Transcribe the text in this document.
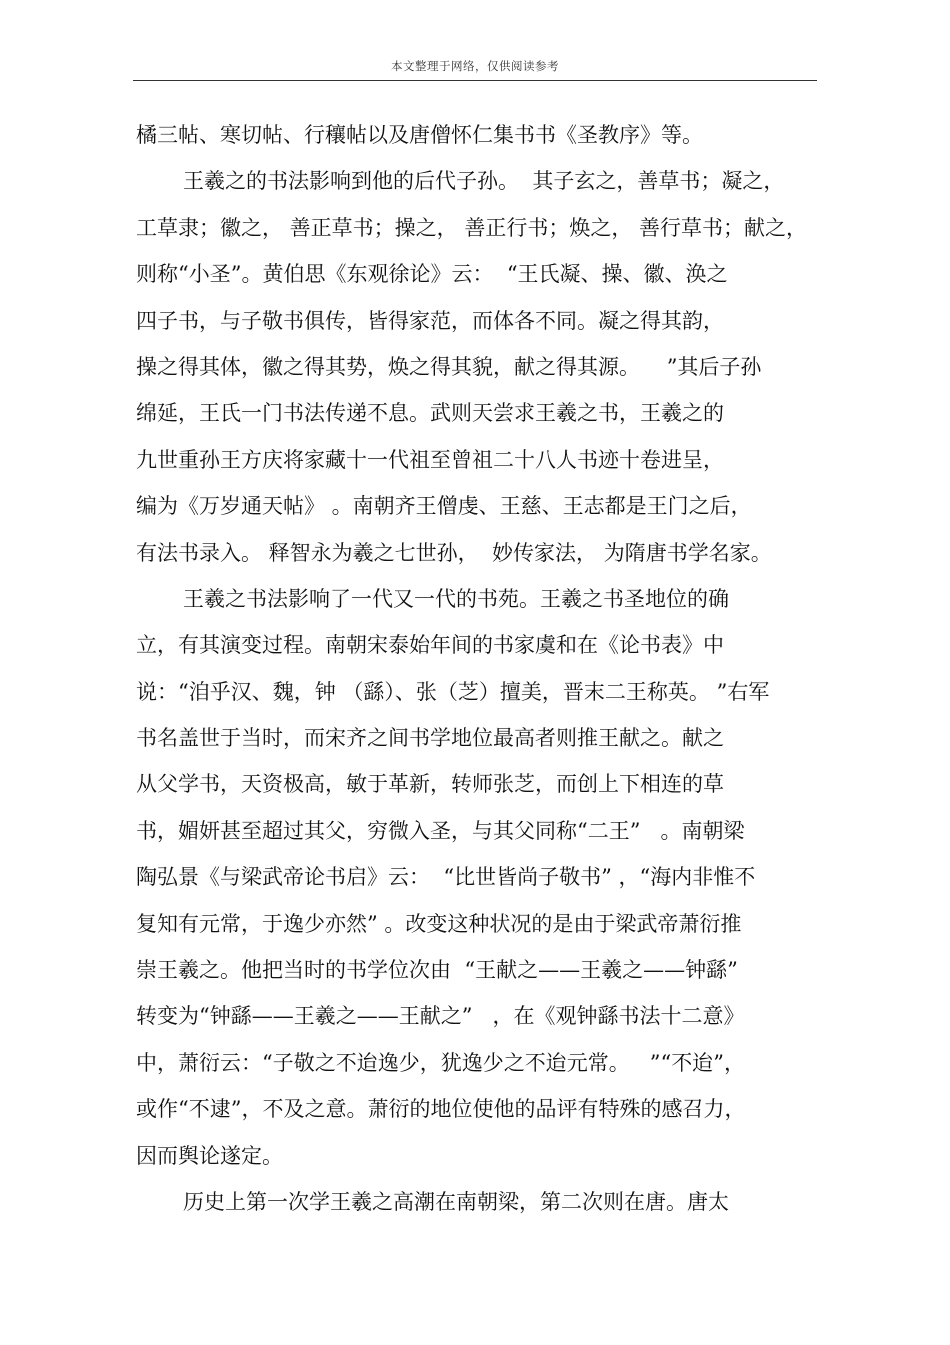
本文整理于网络，仅供阅读参考
橘三帖、寒切帖、行穰帖以及唐僧怀仁集书书《圣教序》等。
王羲之的书法影响到他的后代子孙。  其子玄之，善草书；凝之，
工草隶；徽之， 善正草书；操之， 善正行书；焕之， 善行草书；献之，
则称“小圣”。黄伯思《东观徐论》云：  “王氏凝、操、徽、涣之
四子书，与子敬书俱传，皆得家范，而体各不同。凝之得其韵，
操之得其体，徽之得其势，焕之得其貌，献之得其源。    ”其后子孙
绵延，王氏一门书法传递不息。武则天尝求王羲之书，王羲之的
九世重孙王方庆将家藏十一代祖至曾祖二十八人书迹十卷进呈，
编为《万岁通天帖》 。南朝齐王僧虔、王慈、王志都是王门之后，
有法书录入。 释智永为羲之七世孙，  妙传家法， 为隋唐书学名家。
王羲之书法影响了一代又一代的书苑。王羲之书圣地位的确
立，有其演变过程。南朝宋泰始年间的书家虞和在《论书表》中
说：“洎乎汉、魏，钟 （繇）、张（芝）擅美，晋末二王称英。 ”右军
书名盖世于当时，而宋齐之间书学地位最高者则推王献之。献之
从父学书，天资极高，敏于革新，转师张芝，而创上下相连的草
书，媚妍甚至超过其父，穷微入圣，与其父同称“二王”   。南朝梁
陶弘景《与梁武帝论书启》云：  “比世皆尚子敬书” ，“海内非惟不
复知有元常，于逸少亦然” 。改变这种状况的是由于梁武帝萧衍推
崇王羲之。他把当时的书学位次由  “王献之——王羲之——钟繇”
转变为“钟繇——王羲之——王献之”   ，在《观钟繇书法十二意》
中，萧衍云：“子敬之不迨逸少，犹逸少之不迨元常。   ”“不迨”，
或作“不逮”，不及之意。萧衍的地位使他的品评有特殊的感召力，
因而舆论遂定。
历史上第一次学王羲之高潮在南朝梁，第二次则在唐。唐太
